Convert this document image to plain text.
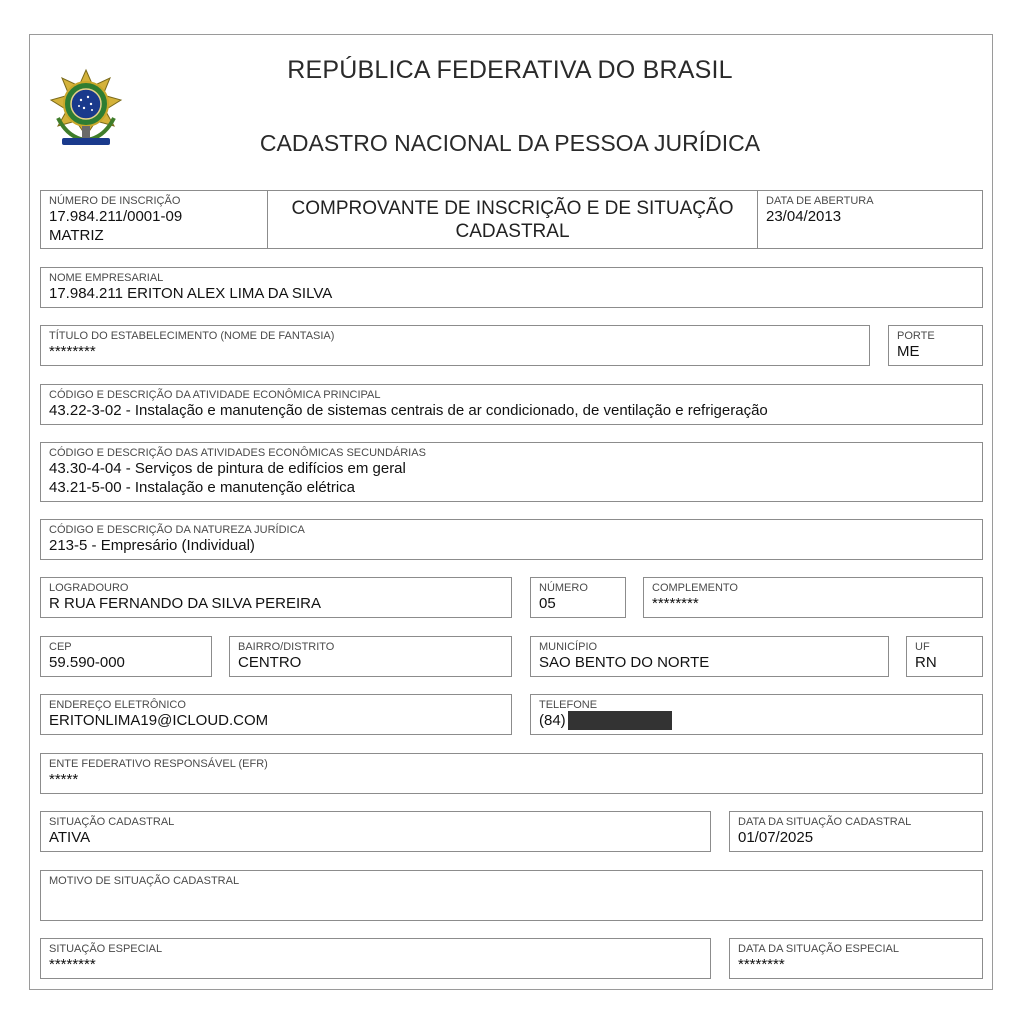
REPÚBLICA FEDERATIVA DO BRASIL
CADASTRO NACIONAL DA PESSOA JURÍDICA
NÚMERO DE INSCRIÇÃO
17.984.211/0001-09
MATRIZ
COMPROVANTE DE INSCRIÇÃO E DE SITUAÇÃO CADASTRAL
DATA DE ABERTURA
23/04/2013
NOME EMPRESARIAL
17.984.211 ERITON ALEX LIMA DA SILVA
TÍTULO DO ESTABELECIMENTO (NOME DE FANTASIA)
********
PORTE
ME
CÓDIGO E DESCRIÇÃO DA ATIVIDADE ECONÔMICA PRINCIPAL
43.22-3-02 - Instalação e manutenção de sistemas centrais de ar condicionado, de ventilação e refrigeração
CÓDIGO E DESCRIÇÃO DAS ATIVIDADES ECONÔMICAS SECUNDÁRIAS
43.30-4-04 - Serviços de pintura de edifícios em geral
43.21-5-00 - Instalação e manutenção elétrica
CÓDIGO E DESCRIÇÃO DA NATUREZA JURÍDICA
213-5 - Empresário (Individual)
LOGRADOURO
R RUA FERNANDO DA SILVA PEREIRA
NÚMERO
05
COMPLEMENTO
********
CEP
59.590-000
BAIRRO/DISTRITO
CENTRO
MUNICÍPIO
SAO BENTO DO NORTE
UF
RN
ENDEREÇO ELETRÔNICO
ERITONLIMA19@ICLOUD.COM
TELEFONE
(84)
ENTE FEDERATIVO RESPONSÁVEL (EFR)
*****
SITUAÇÃO CADASTRAL
ATIVA
DATA DA SITUAÇÃO CADASTRAL
01/07/2025
MOTIVO DE SITUAÇÃO CADASTRAL
SITUAÇÃO ESPECIAL
********
DATA DA SITUAÇÃO ESPECIAL
********
